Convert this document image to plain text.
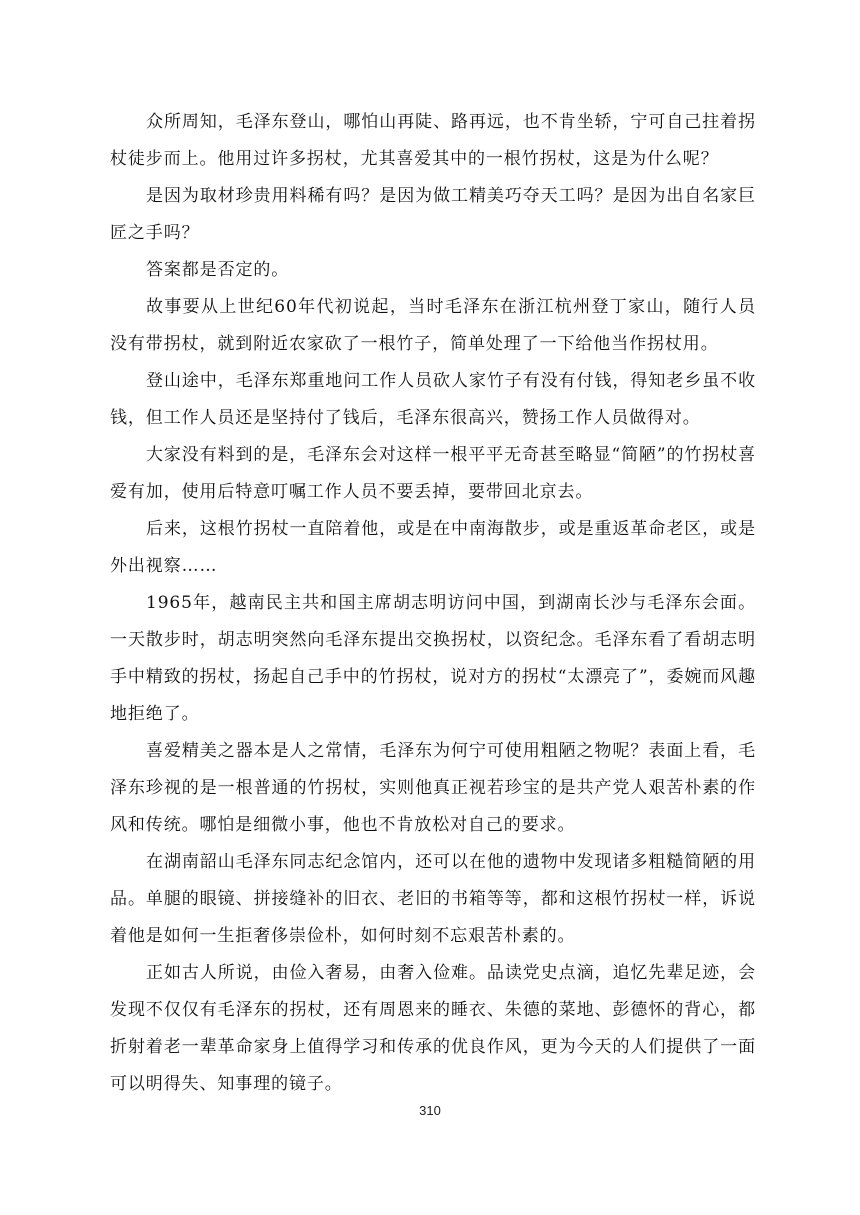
众所周知，毛泽东登山，哪怕山再陡、路再远，也不肯坐轿，宁可自己拄着拐杖徒步而上。他用过许多拐杖，尤其喜爱其中的一根竹拐杖，这是为什么呢？

是因为取材珍贵用料稀有吗？是因为做工精美巧夺天工吗？是因为出自名家巨匠之手吗？

答案都是否定的。

故事要从上世纪60年代初说起，当时毛泽东在浙江杭州登丁家山，随行人员没有带拐杖，就到附近农家砍了一根竹子，简单处理了一下给他当作拐杖用。

登山途中，毛泽东郑重地问工作人员砍人家竹子有没有付钱，得知老乡虽不收钱，但工作人员还是坚持付了钱后，毛泽东很高兴，赞扬工作人员做得对。

大家没有料到的是，毛泽东会对这样一根平平无奇甚至略显“简陋”的竹拐杖喜爱有加，使用后特意叮嘱工作人员不要丢掉，要带回北京去。

后来，这根竹拐杖一直陪着他，或是在中南海散步，或是重返革命老区，或是外出视察……

1965年，越南民主共和国主席胡志明访问中国，到湖南长沙与毛泽东会面。一天散步时，胡志明突然向毛泽东提出交换拐杖，以资纪念。毛泽东看了看胡志明手中精致的拐杖，扬起自己手中的竹拐杖，说对方的拐杖“太漂亮了”，委婉而风趣地拒绝了。

喜爱精美之器本是人之常情，毛泽东为何宁可使用粗陋之物呢？表面上看，毛泽东珍视的是一根普通的竹拐杖，实则他真正视若珍宝的是共产党人艰苦朴素的作风和传统。哪怕是细微小事，他也不肯放松对自己的要求。

在湖南韶山毛泽东同志纪念馆内，还可以在他的遗物中发现诸多粗糙简陋的用品。单腿的眼镜、拼接缝补的旧衣、老旧的书箱等等，都和这根竹拐杖一样，诉说着他是如何一生拒奢侈崇俭朴，如何时刻不忘艰苦朴素的。

正如古人所说，由俭入奢易，由奢入俭难。品读党史点滴，追忆先辈足迹，会发现不仅仅有毛泽东的拐杖，还有周恩来的睡衣、朱德的菜地、彭德怀的背心，都折射着老一辈革命家身上值得学习和传承的优良作风，更为今天的人们提供了一面可以明得失、知事理的镜子。

310
